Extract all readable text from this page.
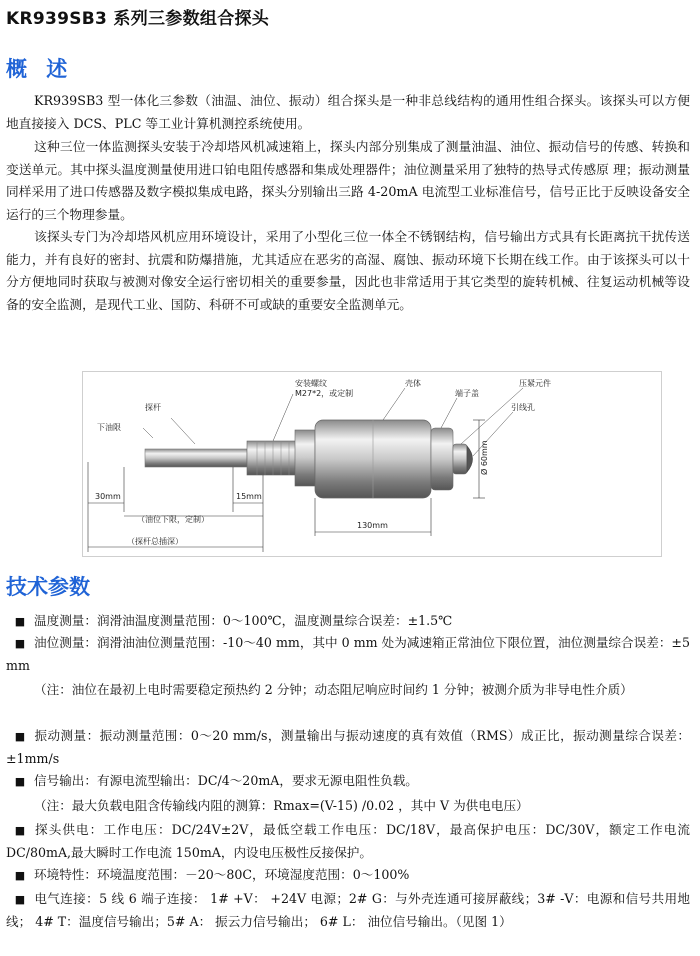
KR939SB3 系列三参数组合探头
概 述

KR939SB3 型一体化三参数（油温、油位、振动）组合探头是一种非总线结构的通用性组合探头。该探头可以方便地直接接入 DCS、PLC 等工业计算机测控系统使用。

这种三位一体监测探头安装于冷却塔风机减速箱上，探头内部分别集成了测量油温、油位、振动信号的传感、转换和变送单元。其中探头温度测量使用进口铂电阻传感器和集成处理器件；油位测量采用了独特的热导式传感原 理；振动测量同样采用了进口传感器及数字模拟集成电路，探头分别输出三路 4-20mA 电流型工业标准信号，信号正比于反映设备安全运行的三个物理参量。

该探头专门为冷却塔风机应用环境设计，采用了小型化三位一体全不锈钢结构，信号输出方式具有长距离抗干扰传送能力，并有良好的密封、抗震和防爆措施，尤其适应在恶劣的高湿、腐蚀、振动环境下长期在线工作。由于该探头可以十分方便地同时获取与被测对像安全运行密切相关的重要参量，因此也非常适用于其它类型的旋转机械、往复运动机械等设备的安全监测，是现代工业、国防、科研不可或缺的重要安全监测单元。

Ø 60mm
下油限
探杆
安装螺纹
M27*2，或定制
壳体
端子盖
压紧元件
引线孔
30mm	15mm
（油位下限，定制）
130mm
（探杆总插深）
技术参数

■ 温度测量：润滑油温度测量范围：0～100℃，温度测量综合误差：±1.5℃

■ 油位测量：润滑油油位测量范围：-10～40 mm，其中 0 mm 处为减速箱正常油位下限位置，油位测量综合误差：±5 mm

（注：油位在最初上电时需要稳定预热约 2 分钟；动态阻尼响应时间约 1 分钟；被测介质为非导电性介质）

■ 振动测量：振动测量范围：0～20 mm/s，测量输出与振动速度的真有效值（RMS）成正比，振动测量综合误差：±1mm/s

■ 信号输出：有源电流型输出：DC/4～20mA，要求无源电阻性负载。

（注：最大负载电阻含传输线内阻的测算：Rmax=(V-15) /0.02 ，其中 V 为供电电压）

■ 探头供电：工作电压：DC/24V±2V，最低空载工作电压：DC/18V，最高保护电压：DC/30V，额定工作电流 DC/80mA,最大瞬时工作电流 150mA，内设电压极性反接保护。

■ 环境特性：环境温度范围：－20～80C，环境湿度范围：0～100%

■ 电气连接：5 线 6 端子连接： 1# +V： +24V 电源；2# G：与外壳连通可接屏蔽线；3# -V：电源和信号共用地线； 4# T：温度信号输出；5# A： 振云力信号输出； 6# L： 油位信号输出。（见图 1）
